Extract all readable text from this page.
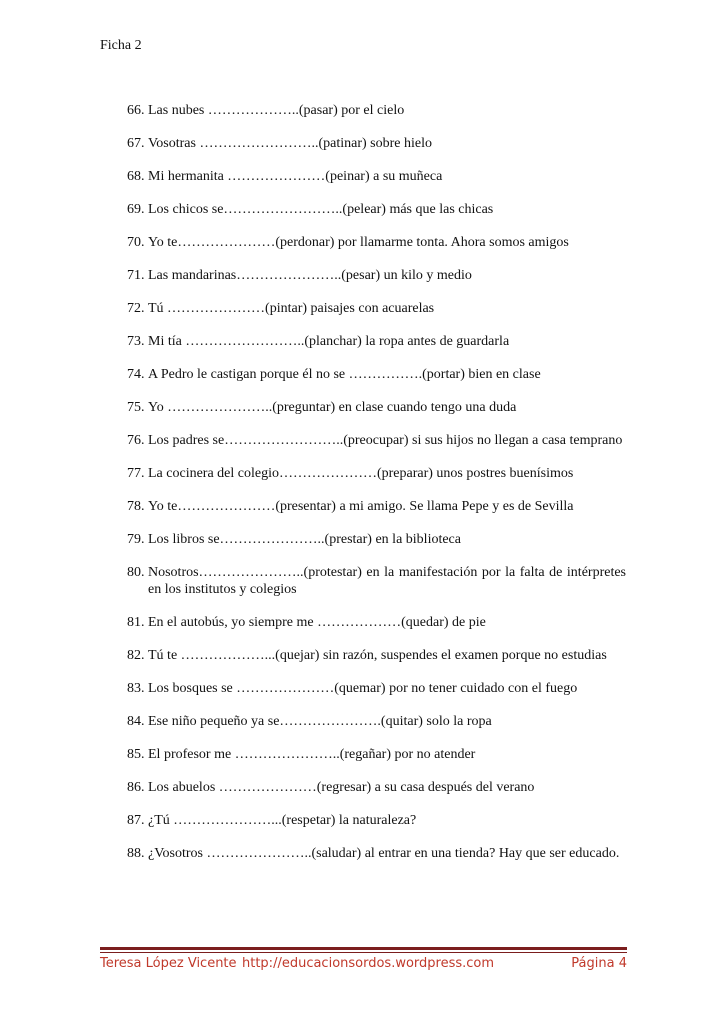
Ficha 2
66. Las nubes ………………..(pasar) por el cielo
67. Vosotras ……………………..(patinar) sobre hielo
68. Mi hermanita …………………(peinar) a su muñeca
69. Los chicos se……………………..(pelear) más que las chicas
70. Yo te…………………(perdonar) por llamarme tonta. Ahora somos amigos
71. Las mandarinas…………………..(pesar) un kilo y medio
72. Tú …………………(pintar) paisajes con acuarelas
73. Mi tía ……………………..(planchar) la ropa antes de guardarla
74. A Pedro le castigan porque él no se …………….(portar) bien en clase
75. Yo …………………..(preguntar) en clase cuando tengo una duda
76. Los padres se……………………..(preocupar) si sus hijos no llegan a casa temprano
77. La cocinera del colegio…………………(preparar) unos postres buenísimos
78. Yo te…………………(presentar) a mi amigo. Se llama Pepe y es de Sevilla
79. Los libros se…………………..(prestar) en la biblioteca
80. Nosotros…………………..(protestar) en la manifestación por la falta de intérpretes en los institutos y colegios
81. En el autobús, yo siempre me ………………(quedar) de pie
82. Tú te ………………...(quejar) sin razón, suspendes el examen porque no estudias
83. Los bosques se …………………(quemar) por no tener cuidado con el fuego
84. Ese niño pequeño ya se………………….(quitar) solo la ropa
85. El profesor me …………………..(regañar) por no atender
86. Los abuelos …………………(regresar) a su casa después del verano
87. ¿Tú …………………...(respetar) la naturaleza?
88. ¿Vosotros …………………..(saludar) al entrar en una tienda? Hay que ser educado.
Teresa López Vicente http://educacionsordos.wordpress.com	Página 4
